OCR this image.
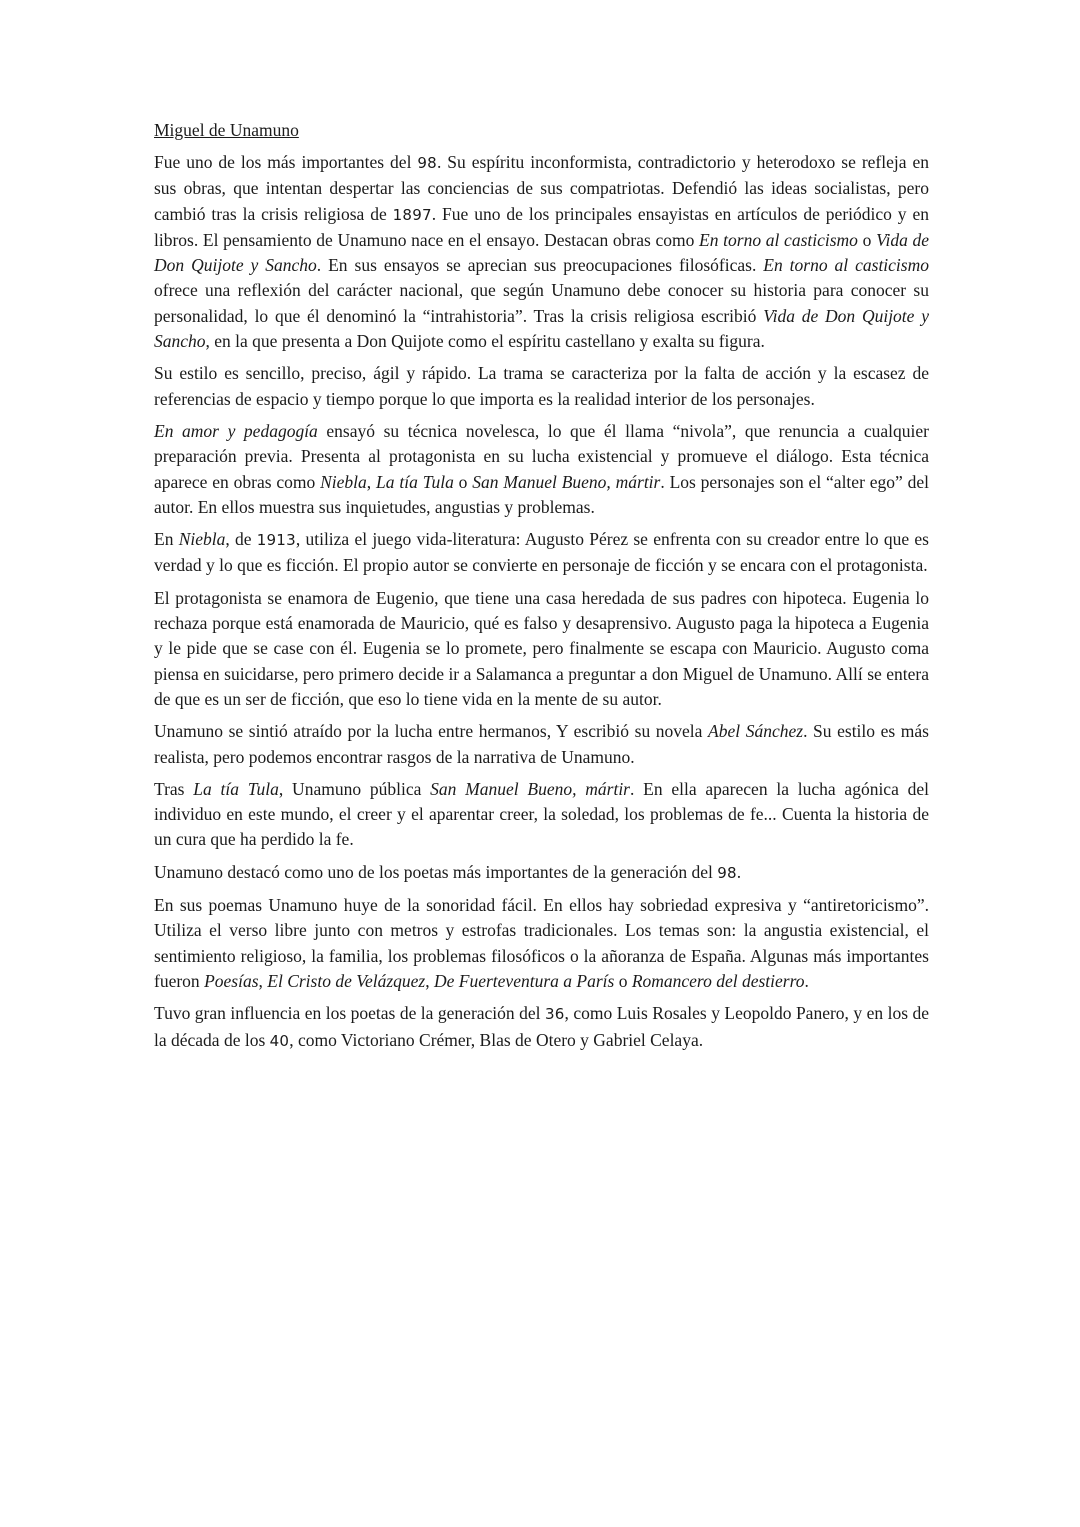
Miguel de Unamuno

Fue uno de los más importantes del 98. Su espíritu inconformista, contradictorio y heterodoxo se refleja en sus obras, que intentan despertar las conciencias de sus compatriotas. Defendió las ideas socialistas, pero cambió tras la crisis religiosa de 1897. Fue uno de los principales ensayistas en artículos de periódico y en libros. El pensamiento de Unamuno nace en el ensayo. Destacan obras como En torno al casticismo o Vida de Don Quijote y Sancho. En sus ensayos se aprecian sus preocupaciones filosóficas. En torno al casticismo ofrece una reflexión del carácter nacional, que según Unamuno debe conocer su historia para conocer su personalidad, lo que él denominó la “intrahistoria”. Tras la crisis religiosa escribió Vida de Don Quijote y Sancho, en la que presenta a Don Quijote como el espíritu castellano y exalta su figura.

Su estilo es sencillo, preciso, ágil y rápido. La trama se caracteriza por la falta de acción y la escasez de referencias de espacio y tiempo porque lo que importa es la realidad interior de los personajes.

En amor y pedagogía ensayó su técnica novelesca, lo que él llama “nivola”, que renuncia a cualquier preparación previa. Presenta al protagonista en su lucha existencial y promueve el diálogo. Esta técnica aparece en obras como Niebla, La tía Tula o San Manuel Bueno, mártir. Los personajes son el “alter ego” del autor. En ellos muestra sus inquietudes, angustias y problemas.

En Niebla, de 1913, utiliza el juego vida-literatura: Augusto Pérez se enfrenta con su creador entre lo que es verdad y lo que es ficción. El propio autor se convierte en personaje de ficción y se encara con el protagonista.

El protagonista se enamora de Eugenio, que tiene una casa heredada de sus padres con hipoteca. Eugenia lo rechaza porque está enamorada de Mauricio, qué es falso y desaprensivo. Augusto paga la hipoteca a Eugenia y le pide que se case con él. Eugenia se lo promete, pero finalmente se escapa con Mauricio. Augusto coma piensa en suicidarse, pero primero decide ir a Salamanca a preguntar a don Miguel de Unamuno. Allí se entera de que es un ser de ficción, que eso lo tiene vida en la mente de su autor.

Unamuno se sintió atraído por la lucha entre hermanos, Y escribió su novela Abel Sánchez. Su estilo es más realista, pero podemos encontrar rasgos de la narrativa de Unamuno.

Tras La tía Tula, Unamuno pública San Manuel Bueno, mártir. En ella aparecen la lucha agónica del individuo en este mundo, el creer y el aparentar creer, la soledad, los problemas de fe... Cuenta la historia de un cura que ha perdido la fe.

Unamuno destacó como uno de los poetas más importantes de la generación del 98.

En sus poemas Unamuno huye de la sonoridad fácil. En ellos hay sobriedad expresiva y “antiretoricismo”. Utiliza el verso libre junto con metros y estrofas tradicionales. Los temas son: la angustia existencial, el sentimiento religioso, la familia, los problemas filosóficos o la añoranza de España. Algunas más importantes fueron Poesías, El Cristo de Velázquez, De Fuerteventura a París o Romancero del destierro.

Tuvo gran influencia en los poetas de la generación del 36, como Luis Rosales y Leopoldo Panero, y en los de la década de los 40, como Victoriano Crémer, Blas de Otero y Gabriel Celaya.
